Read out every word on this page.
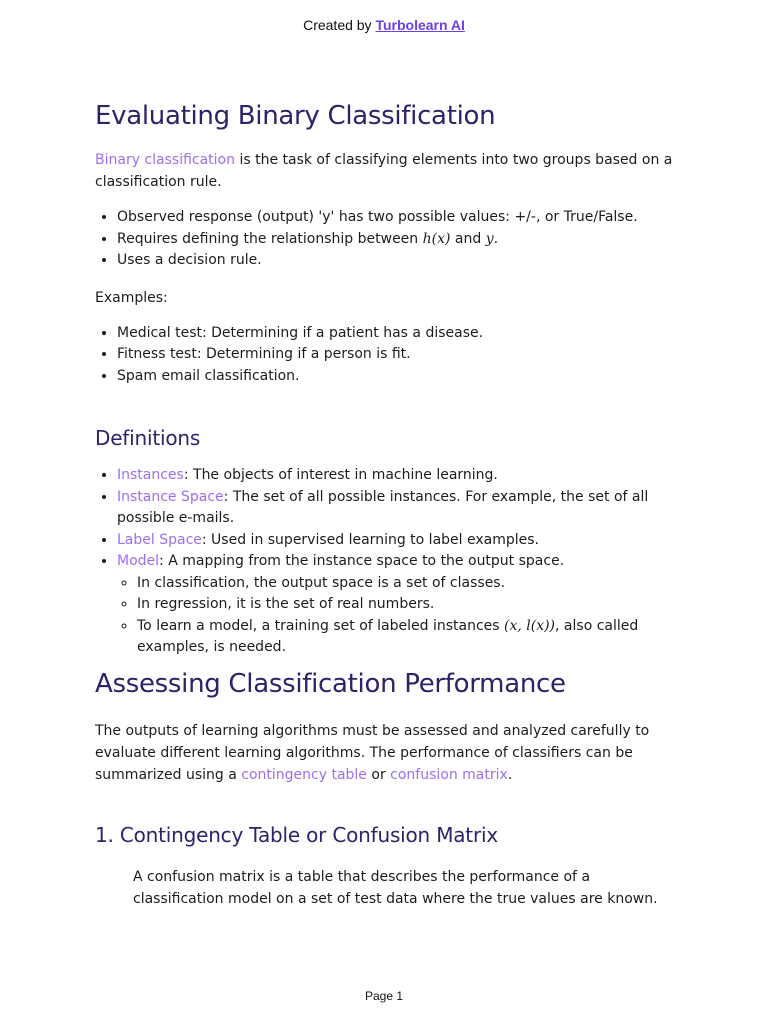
Created by Turbolearn AI
Evaluating Binary Classification

Binary classification is the task of classifying elements into two groups based on a classification rule.

• Observed response (output) 'y' has two possible values: +/-, or True/False.
• Requires defining the relationship between h(x) and y.
• Uses a decision rule.

Examples:

• Medical test: Determining if a patient has a disease.
• Fitness test: Determining if a person is fit.
• Spam email classification.
Definitions
• Instances: The objects of interest in machine learning.
• Instance Space: The set of all possible instances. For example, the set of all possible e-mails.
• Label Space: Used in supervised learning to label examples.
• Model: A mapping from the instance space to the output space.
◦ In classification, the output space is a set of classes.
◦ In regression, it is the set of real numbers.
◦ To learn a model, a training set of labeled instances (x, l(x)), also called examples, is needed.
Assessing Classification Performance

The outputs of learning algorithms must be assessed and analyzed carefully to evaluate different learning algorithms. The performance of classifiers can be summarized using a contingency table or confusion matrix.

1. Contingency Table or Confusion Matrix

A confusion matrix is a table that describes the performance of a classification model on a set of test data where the true values are known.

Page 1
